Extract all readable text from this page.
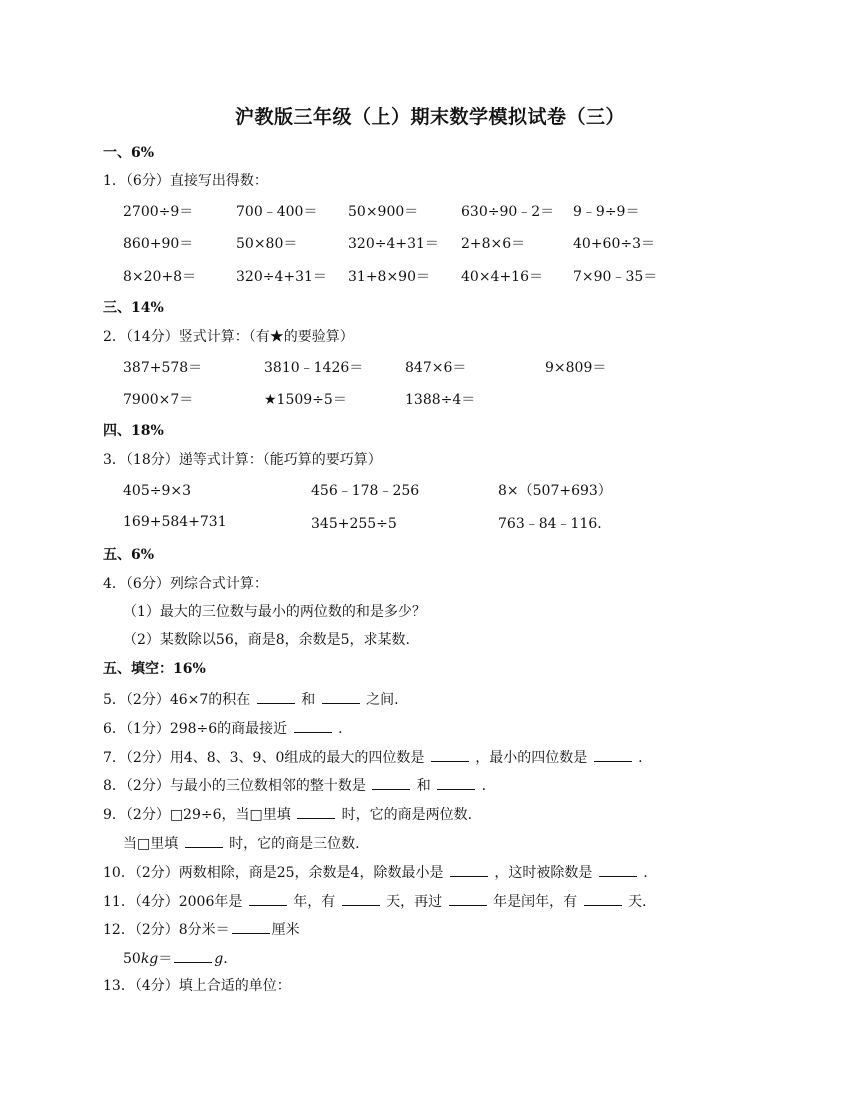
沪教版三年级（上）期末数学模拟试卷（三）
一、6%
1．（6分）直接写出得数：
2700÷9＝	700﹣400＝ 50×900＝	630÷90﹣2＝ 9﹣9÷9＝
860+90＝	50×80＝	320÷4+31＝ 2+8×6＝	40+60÷3＝
8×20+8＝	320÷4+31＝ 31+8×90＝ 40×4+16＝ 7×90﹣35＝
三、14%
2．（14分）竖式计算：（有★的要验算）
387+578＝	3810﹣1426＝	847×6＝	9×809＝
7900×7＝	★1509÷5＝	1388÷4＝
四、18%
3．（18分）递等式计算：（能巧算的要巧算）
405÷9×3	456﹣178﹣256	8×（507+693）
169+584+731	345+255÷5	763﹣84﹣116.
五、6%
4．（6分）列综合式计算：
（1）最大的三位数与最小的两位数的和是多少？
（2）某数除以56，商是8，余数是5，求某数.
五、填空：16%
5．（2分）46×7的积在	和	之间.
6．（1分）298÷6的商最接近	.
7．（2分）用4、8、3、9、0组成的最大的四位数是	，最小的四位数是	.
8．（2分）与最小的三位数相邻的整十数是	和	.
9．（2分）□29÷6，当□里填	时，它的商是两位数.
当□里填	时，它的商是三位数.
10．（2分）两数相除，商是25，余数是4，除数最小是	，这时被除数是	.
11．（4分）2006年是	年，有	天，再过	年是闰年，有	天.
12．（2分）8分米＝	厘米
50kg＝	g.
13．（4分）填上合适的单位：
